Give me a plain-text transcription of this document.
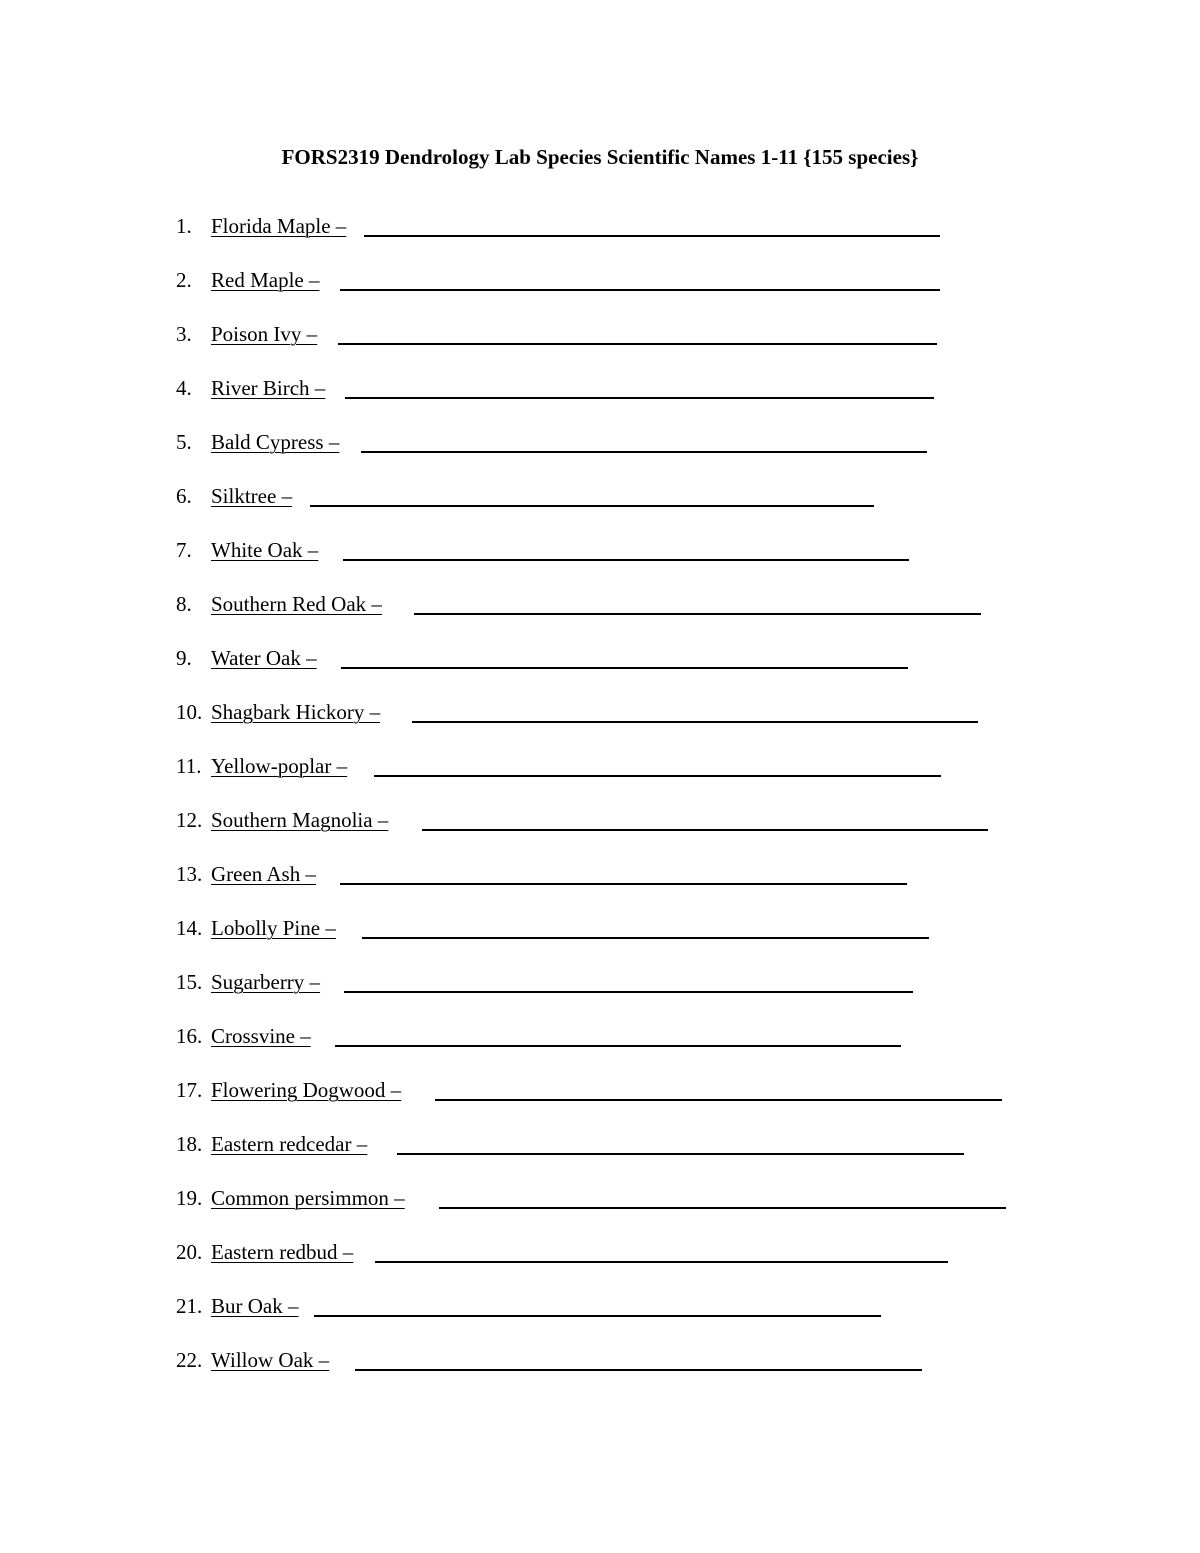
FORS2319 Dendrology Lab Species Scientific Names 1-11 {155 species}
1. Florida Maple –
2. Red Maple –
3. Poison Ivy –
4. River Birch –
5. Bald Cypress –
6. Silktree –
7. White Oak –
8. Southern Red Oak –
9. Water Oak –
10. Shagbark Hickory –
11. Yellow-poplar –
12. Southern Magnolia –
13. Green Ash –
14. Lobolly Pine –
15. Sugarberry –
16. Crossvine –
17. Flowering Dogwood –
18. Eastern redcedar –
19. Common persimmon –
20. Eastern redbud –
21. Bur Oak –
22. Willow Oak –
